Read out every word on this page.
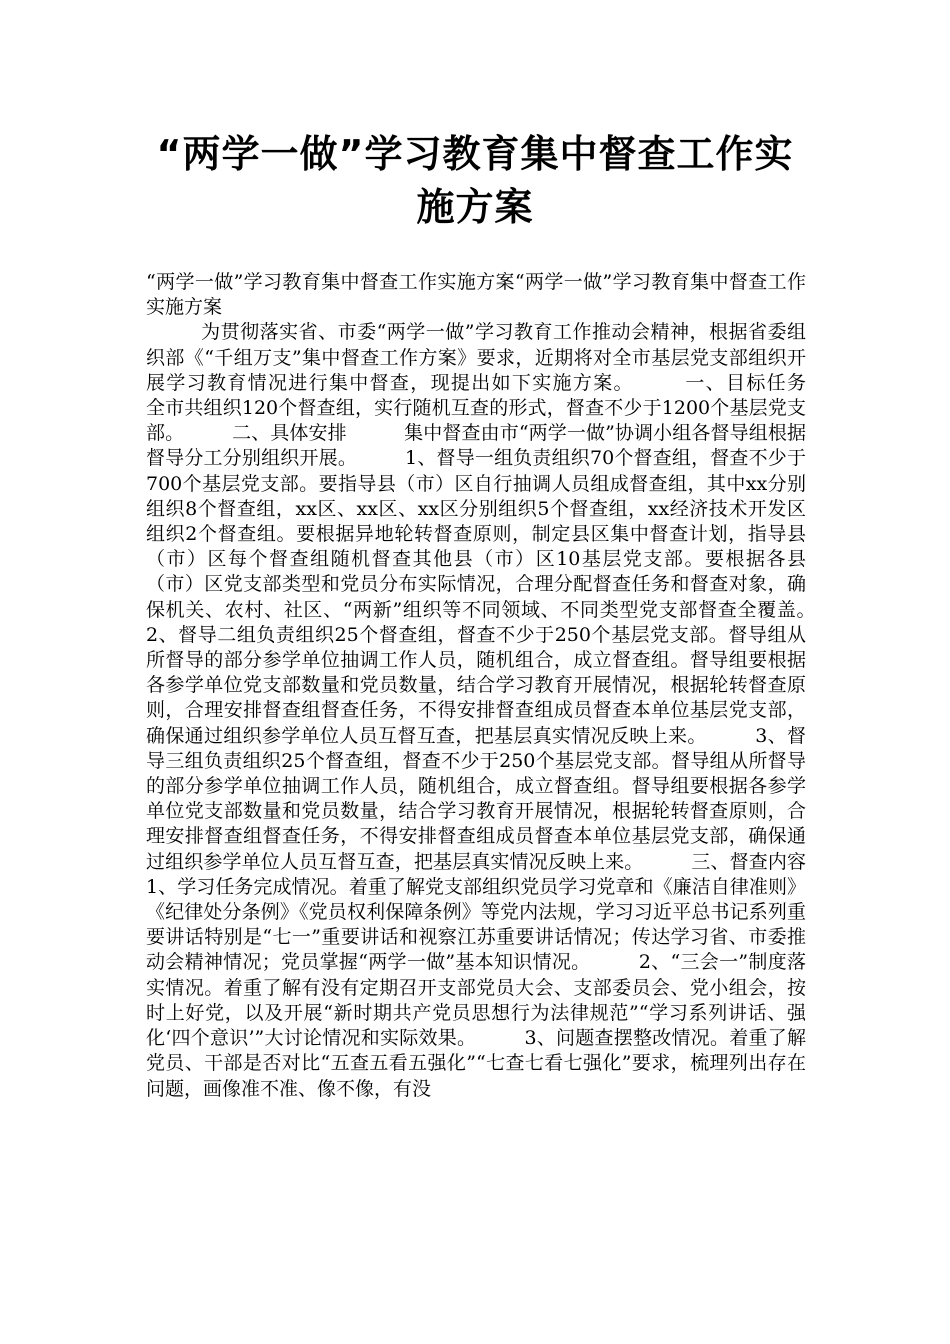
“两学一做”学习教育集中督查工作实
施方案

“两学一做”学习教育集中督查工作实施方案“两学一做”学习教育集中督查工作实施方案

为贯彻落实省、市委“两学一做”学习教育工作推动会精神，根据省委组织部《“千组万支”集中督查工作方案》要求，近期将对全市基层党支部组织开展学习教育情况进行集中督查，现提出如下实施方案。　　　一、目标任务　　　全市共组织120个督查组，实行随机互查的形式，督查不少于1200个基层党支部。　　　二、具体安排　　　集中督查由市“两学一做”协调小组各督导组根据督导分工分别组织开展。　　　1、督导一组负责组织70个督查组，督查不少于700个基层党支部。要指导县（市）区自行抽调人员组成督查组，其中xx分别组织8个督查组，xx区、xx区、xx区分别组织5个督查组，xx经济技术开发区组织2个督查组。要根据异地轮转督查原则，制定县区集中督查计划，指导县（市）区每个督查组随机督查其他县（市）区10基层党支部。要根据各县（市）区党支部类型和党员分布实际情况，合理分配督查任务和督查对象，确保机关、农村、社区、“两新”组织等不同领域、不同类型党支部督查全覆盖。　　　2、督导二组负责组织25个督查组，督查不少于250个基层党支部。督导组从所督导的部分参学单位抽调工作人员，随机组合，成立督查组。督导组要根据各参学单位党支部数量和党员数量，结合学习教育开展情况，根据轮转督查原则，合理安排督查组督查任务，不得安排督查组成员督查本单位基层党支部，确保通过组织参学单位人员互督互查，把基层真实情况反映上来。　　　3、督导三组负责组织25个督查组，督查不少于250个基层党支部。督导组从所督导的部分参学单位抽调工作人员，随机组合，成立督查组。督导组要根据各参学单位党支部数量和党员数量，结合学习教育开展情况，根据轮转督查原则，合理安排督查组督查任务，不得安排督查组成员督查本单位基层党支部，确保通过组织参学单位人员互督互查，把基层真实情况反映上来。　　　三、督查内容　　　1、学习任务完成情况。着重了解党支部组织党员学习党章和《廉洁自律准则》《纪律处分条例》《党员权利保障条例》等党内法规，学习习近平总书记系列重要讲话特别是“七一”重要讲话和视察江苏重要讲话情况；传达学习省、市委推动会精神情况；党员掌握“两学一做”基本知识情况。　　　2、“三会一”制度落实情况。着重了解有没有定期召开支部党员大会、支部委员会、党小组会，按时上好党，以及开展“新时期共产党员思想行为法律规范”“学习系列讲话、强化‘四个意识’”大讨论情况和实际效果。　　　3、问题查摆整改情况。着重了解党员、干部是否对比“五查五看五强化”“七查七看七强化”要求，梳理列出存在问题，画像准不准、像不像，有没
